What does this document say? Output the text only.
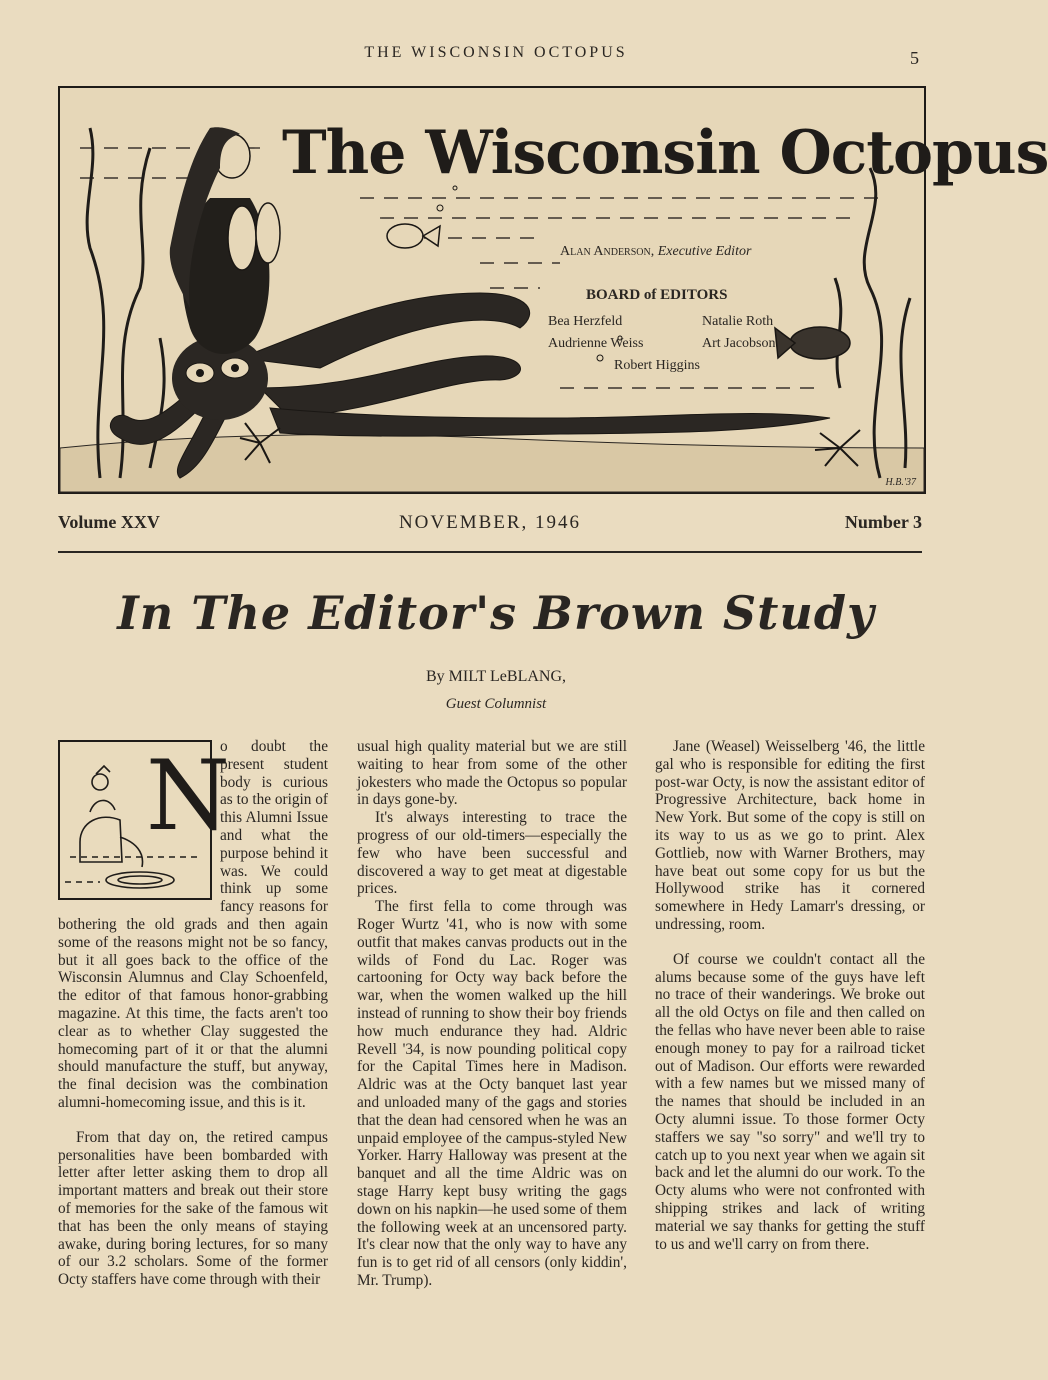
THE WISCONSIN OCTOPUS	5
The Wisconsin Octopus
Alan Anderson, Executive Editor
BOARD of EDITORS
Bea Herzfeld	Natalie Roth
Audrienne Weiss	Art Jacobson
Robert Higgins
H.B.'37
NOVEMBER, 1946
Volume XXV	Number 3
In The Editor's Brown Study
By MILT LeBLANG,
Guest Columnist
N

o doubt the present student body is curious as to the origin of this Alumni Issue and what the purpose behind it was. We could think up some fancy reasons for bothering the old grads and then again some of the reasons might not be so fancy, but it all goes back to the office of the Wisconsin Alumnus and Clay Schoenfeld, the editor of that famous honor-grabbing magazine. At this time, the facts aren't too clear as to whether Clay suggested the homecoming part of it or that the alumni should manufacture the stuff, but anyway, the final decision was the combination alumni-homecoming issue, and this is it.

From that day on, the retired campus personalities have been bombarded with letter after letter asking them to drop all important matters and break out their store of memories for the sake of the famous wit that has been the only means of staying awake, during boring lectures, for so many of our 3.2 scholars. Some of the former Octy staffers have come through with their

usual high quality material but we are still waiting to hear from some of the other jokesters who made the Octopus so popular in days gone-by.

It's always interesting to trace the progress of our old-timers—especially the few who have been successful and discovered a way to get meat at digestable prices.

The first fella to come through was Roger Wurtz '41, who is now with some outfit that makes canvas products out in the wilds of Fond du Lac. Roger was cartooning for Octy way back before the war, when the women walked up the hill instead of running to show their boy friends how much endurance they had. Aldric Revell '34, is now pounding political copy for the Capital Times here in Madison. Aldric was at the Octy banquet last year and unloaded many of the gags and stories that the dean had censored when he was an unpaid employee of the campus-styled New Yorker. Harry Halloway was present at the banquet and all the time Aldric was on stage Harry kept busy writing the gags down on his napkin—he used some of them the following week at an uncensored party. It's clear now that the only way to have any fun is to get rid of all censors (only kiddin', Mr. Trump).

Jane (Weasel) Weisselberg '46, the little gal who is responsible for editing the first post-war Octy, is now the assistant editor of Progressive Architecture, back home in New York. But some of the copy is still on its way to us as we go to print. Alex Gottlieb, now with Warner Brothers, may have beat out some copy for us but the Hollywood strike has it cornered somewhere in Hedy Lamarr's dressing, or undressing, room.

Of course we couldn't contact all the alums because some of the guys have left no trace of their wanderings. We broke out all the old Octys on file and then called on the fellas who have never been able to raise enough money to pay for a railroad ticket out of Madison. Our efforts were rewarded with a few names but we missed many of the names that should be included in an Octy alumni issue. To those former Octy staffers we say "so sorry" and we'll try to catch up to you next year when we again sit back and let the alumni do our work. To the Octy alums who were not confronted with shipping strikes and lack of writing material we say thanks for getting the stuff to us and we'll carry on from there.
